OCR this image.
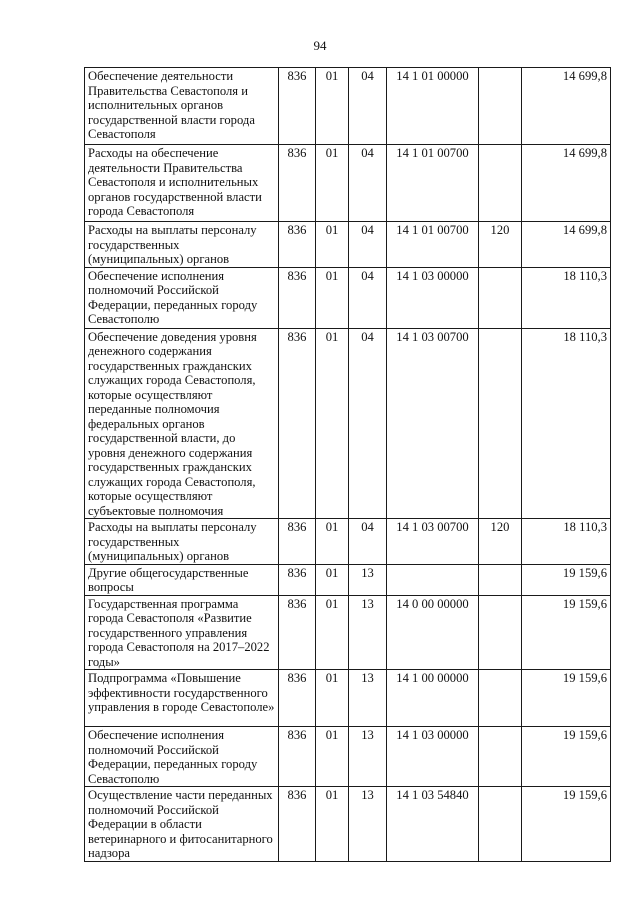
94
Обеспечение деятельности Правительства Севастополя и исполнительных органов государственной власти города Севастополя	836	01	04	14 1 01 00000		14 699,8
Расходы на обеспечение деятельности Правительства Севастополя и исполнительных органов государственной власти города Севастополя	836	01	04	14 1 01 00700		14 699,8
Расходы на выплаты персоналу государственных (муниципальных) органов	836	01	04	14 1 01 00700	120	14 699,8
Обеспечение исполнения полномочий Российской Федерации, переданных городу Севастополю	836	01	04	14 1 03 00000		18 110,3
Обеспечение доведения уровня денежного содержания государственных гражданских служащих города Севастополя, которые осуществляют переданные полномочия федеральных органов государственной власти, до уровня денежного содержания государственных гражданских служащих города Севастополя, которые осуществляют субъектовые полномочия	836	01	04	14 1 03 00700		18 110,3
Расходы на выплаты персоналу государственных (муниципальных) органов	836	01	04	14 1 03 00700	120	18 110,3
Другие общегосударственные вопросы	836	01	13			19 159,6
Государственная программа города Севастополя «Развитие государственного управления города Севастополя на 2017–2022 годы»	836	01	13	14 0 00 00000		19 159,6
Подпрограмма «Повышение эффективности государственного управления в городе Севастополе»	836	01	13	14 1 00 00000		19 159,6
Обеспечение исполнения полномочий Российской Федерации, переданных городу Севастополю	836	01	13	14 1 03 00000		19 159,6
Осуществление части переданных полномочий Российской Федерации в области ветеринарного и фитосанитарного надзора	836	01	13	14 1 03 54840		19 159,6
